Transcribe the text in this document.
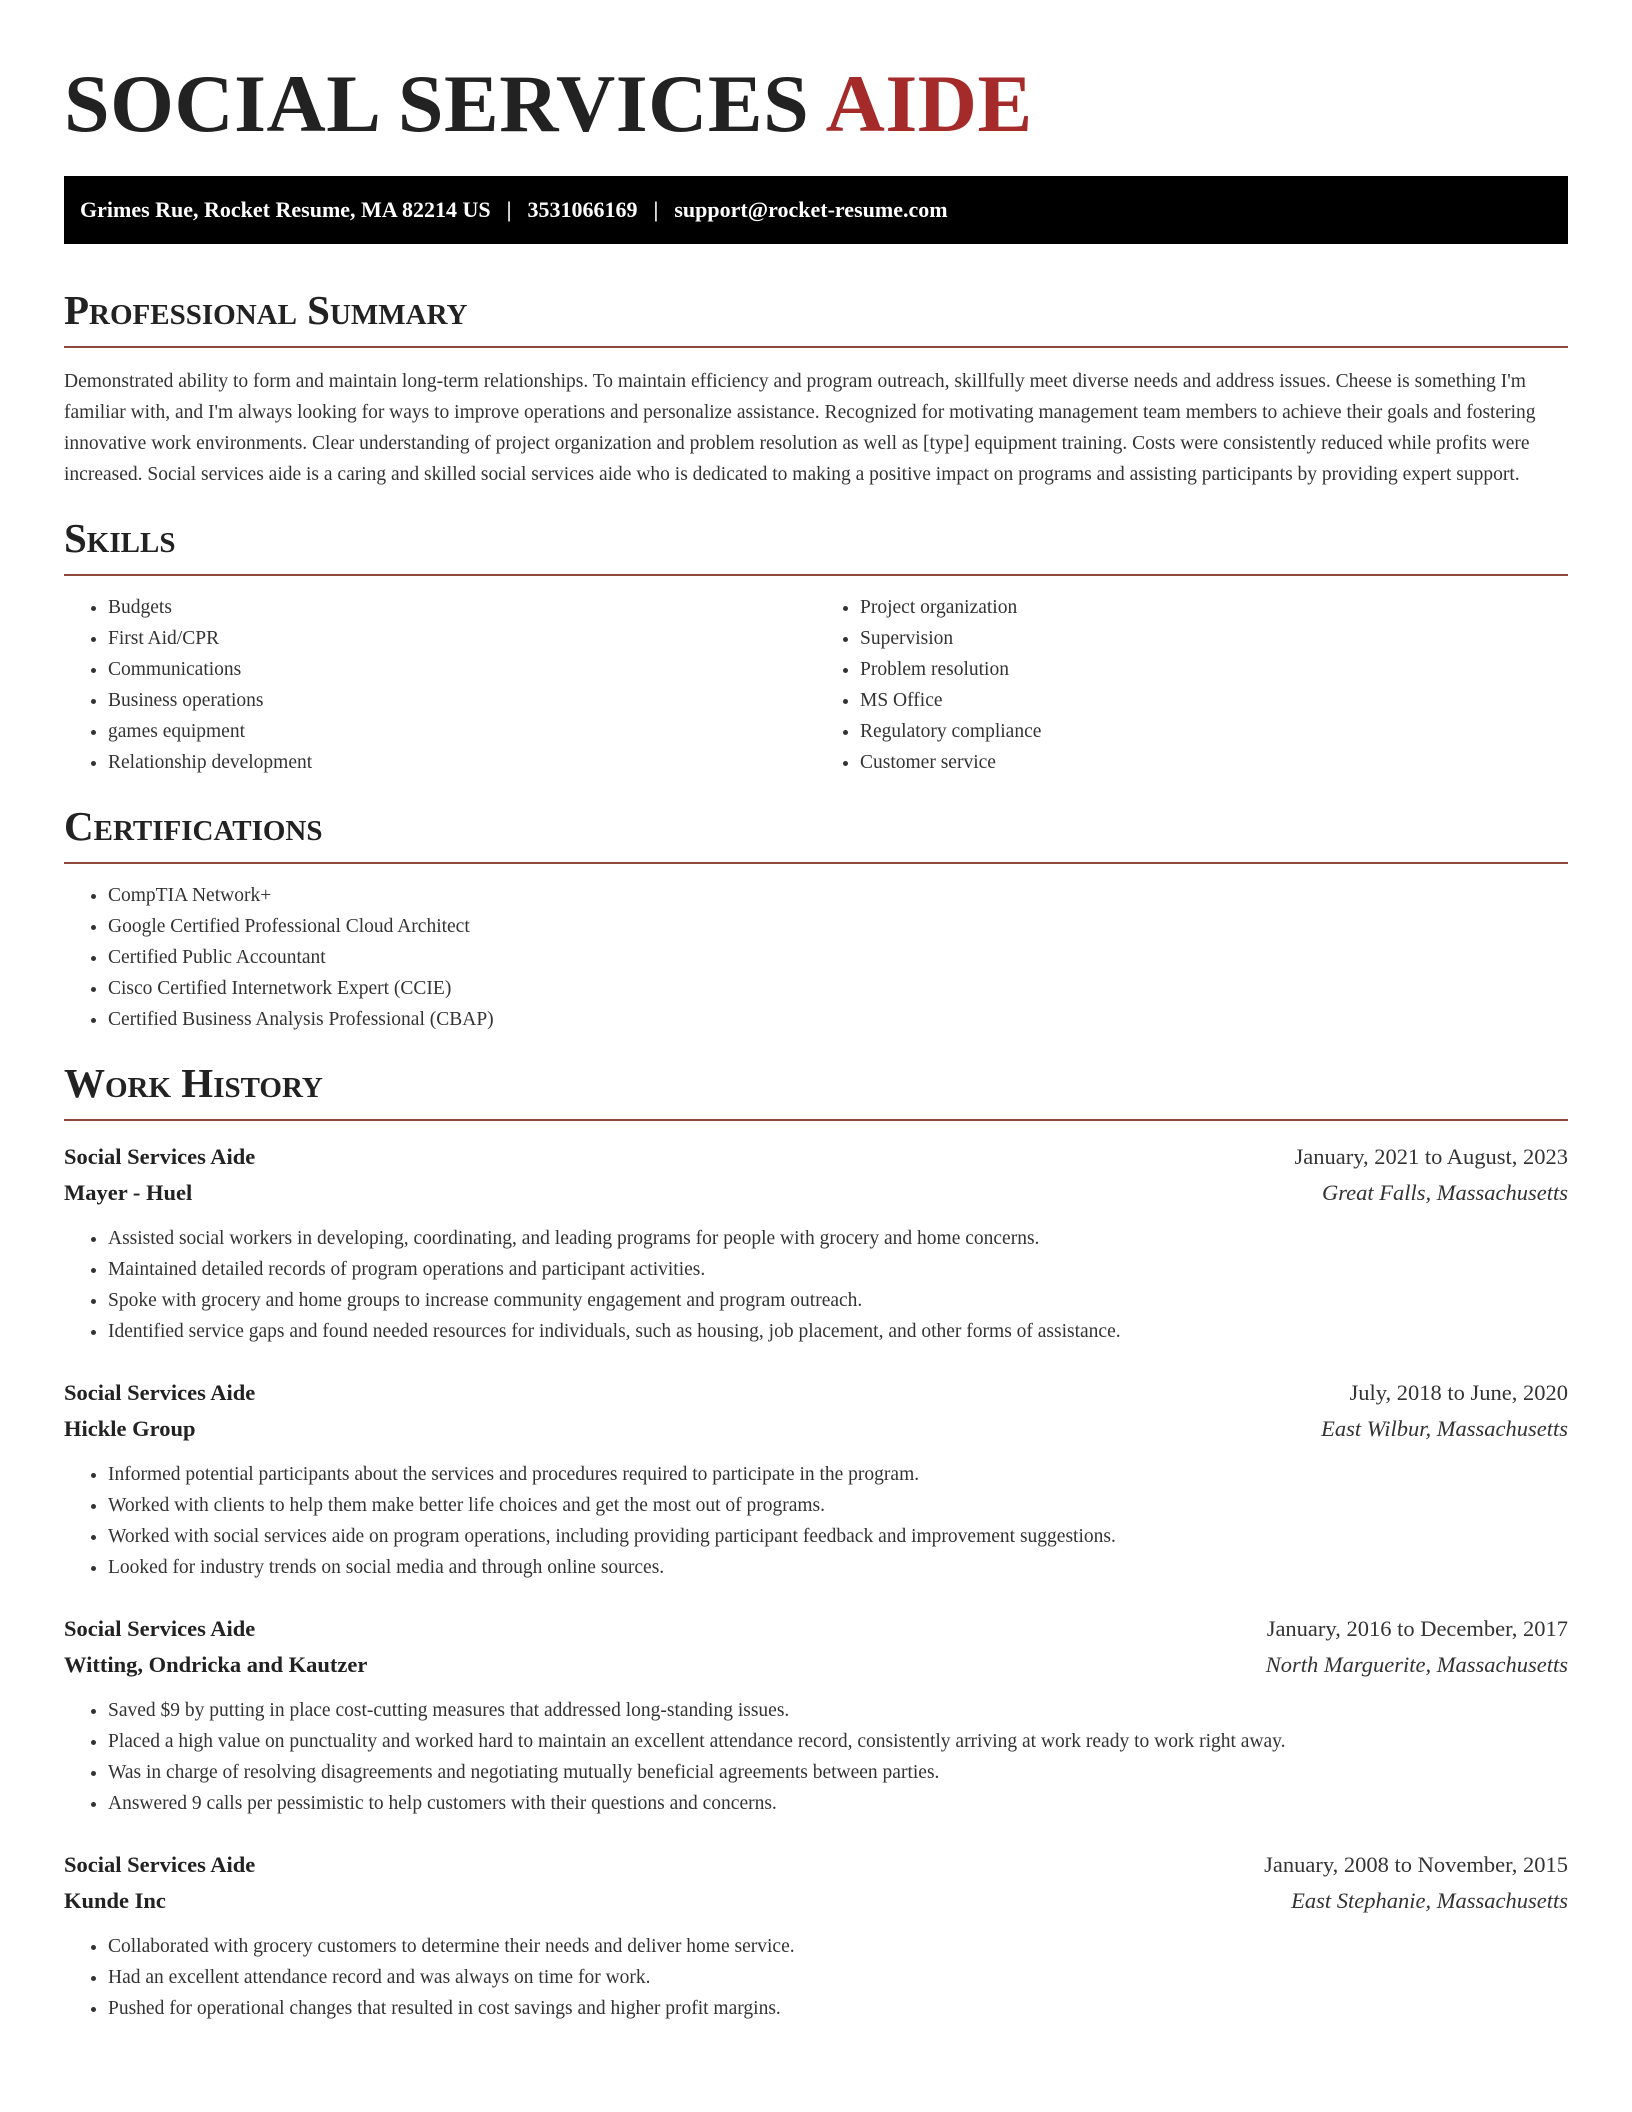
SOCIAL SERVICES AIDE
Grimes Rue, Rocket Resume, MA 82214 US | 3531066169 | support@rocket-resume.com
Professional Summary

Demonstrated ability to form and maintain long-term relationships. To maintain efficiency and program outreach, skillfully meet diverse needs and address issues. Cheese is something I'm familiar with, and I'm always looking for ways to improve operations and personalize assistance. Recognized for motivating management team members to achieve their goals and fostering innovative work environments. Clear understanding of project organization and problem resolution as well as [type] equipment training. Costs were consistently reduced while profits were increased. Social services aide is a caring and skilled social services aide who is dedicated to making a positive impact on programs and assisting participants by providing expert support.

Skills
• Budgets
• First Aid/CPR
• Communications
• Business operations
• games equipment
• Relationship development
• Project organization
• Supervision
• Problem resolution
• MS Office
• Regulatory compliance
• Customer service
Certifications
• CompTIA Network+
• Google Certified Professional Cloud Architect
• Certified Public Accountant
• Cisco Certified Internetwork Expert (CCIE)
• Certified Business Analysis Professional (CBAP)
Work History
Social Services Aide	January, 2021 to August, 2023
Mayer - Huel	Great Falls, Massachusetts
• Assisted social workers in developing, coordinating, and leading programs for people with grocery and home concerns.
• Maintained detailed records of program operations and participant activities.
• Spoke with grocery and home groups to increase community engagement and program outreach.
• Identified service gaps and found needed resources for individuals, such as housing, job placement, and other forms of assistance.
Social Services Aide	July, 2018 to June, 2020
Hickle Group	East Wilbur, Massachusetts
• Informed potential participants about the services and procedures required to participate in the program.
• Worked with clients to help them make better life choices and get the most out of programs.
• Worked with social services aide on program operations, including providing participant feedback and improvement suggestions.
• Looked for industry trends on social media and through online sources.
Social Services Aide	January, 2016 to December, 2017
Witting, Ondricka and Kautzer	North Marguerite, Massachusetts
• Saved $9 by putting in place cost-cutting measures that addressed long-standing issues.
• Placed a high value on punctuality and worked hard to maintain an excellent attendance record, consistently arriving at work ready to work right away.
• Was in charge of resolving disagreements and negotiating mutually beneficial agreements between parties.
• Answered 9 calls per pessimistic to help customers with their questions and concerns.
Social Services Aide	January, 2008 to November, 2015
Kunde Inc	East Stephanie, Massachusetts
• Collaborated with grocery customers to determine their needs and deliver home service.
• Had an excellent attendance record and was always on time for work.
• Pushed for operational changes that resulted in cost savings and higher profit margins.
